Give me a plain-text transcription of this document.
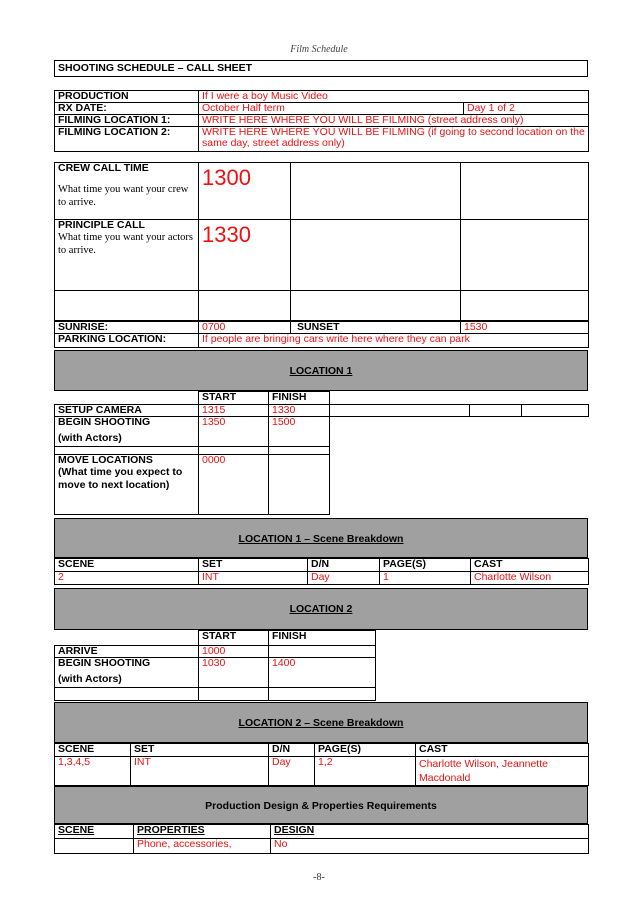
Film Schedule
SHOOTING SCHEDULE – CALL SHEET
PRODUCTION	If I were a boy Music Video	
RX DATE:	October Half term	Day 1 of 2
FILMING LOCATION 1:	WRITE HERE WHERE YOU WILL BE FILMING (street address only)	
FILMING LOCATION 2:	WRITE HERE WHERE YOU WILL BE FILMING (if going to second location on the same day, street address only)	
CREW CALL TIME
What time you want your crew to arrive.	1300		

PRINCIPLE CALL
What time you want your actors to arrive.	1330		

SUNRISE:	0700	SUNSET	1530
PARKING LOCATION:	If people are bringing cars write here where they can park		
LOCATION 1
	START	FINISH			
SETUP CAMERA	1315	1330			

BEGIN SHOOTING
(with Actors)	1350	1500			

MOVE LOCATIONS
(What time you expect to move to next location)	0000				
LOCATION 1 – Scene Breakdown
SCENE	SET	D/N	PAGE(S)	CAST
2	INT	Day	1	Charlotte Wilson
LOCATION 2
	START	FINISH
ARRIVE	1000	

BEGIN SHOOTING
(with Actors)	1030	1400

LOCATION 2 – Scene Breakdown
SCENE	SET	D/N	PAGE(S)	CAST
1,3,4,5	INT	Day	1,2	Charlotte Wilson, Jeannette Macdonald
Production Design & Properties Requirements
SCENE	PROPERTIES	DESIGN
	Phone, accessories,	No
-8-
